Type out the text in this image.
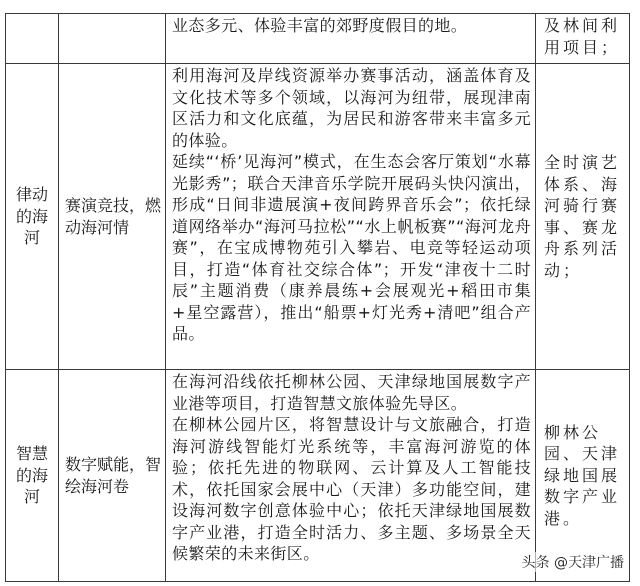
		业态多元、体验丰富的郊野度假目的地。	及林间利用项目；
律动的海河	赛演竞技，燃动海河情	利用海河及岸线资源举办赛事活动，涵盖体育及文化技术等多个领域，以海河为纽带，展现津南区活力和文化底蕴，为居民和游客带来丰富多元的体验。
延续“‘桥’见海河”模式，在生态会客厅策划“水幕光影秀”；联合天津音乐学院开展码头快闪演出，形成“日间非遗展演+夜间跨界音乐会”；依托绿道网络举办“海河马拉松”“水上帆板赛”“海河龙舟赛”，在宝成博物苑引入攀岩、电竞等轻运动项目，打造“体育社交综合体”；开发“津夜十二时辰”主题消费（康养晨练+会展观光+稻田市集+星空露营），推出“船票+灯光秀+清吧”组合产品。	全时演艺体系、海河骑行赛事、赛龙舟系列活动；
智慧的海河	数字赋能，智绘海河卷	在海河沿线依托柳林公园、天津绿地国展数字产业港等项目，打造智慧文旅体验先导区。
在柳林公园片区，将智慧设计与文旅融合，打造海河游线智能灯光系统等，丰富海河游览的体验；依托先进的物联网、云计算及人工智能技术，依托国家会展中心（天津）多功能空间，建设海河数字创意体验中心；依托天津绿地国展数字产业港，打造全时活力、多主题、多场景全天候繁荣的未来街区。	柳林公园、天津绿地国展数字产业港。
头条 @天津广播
